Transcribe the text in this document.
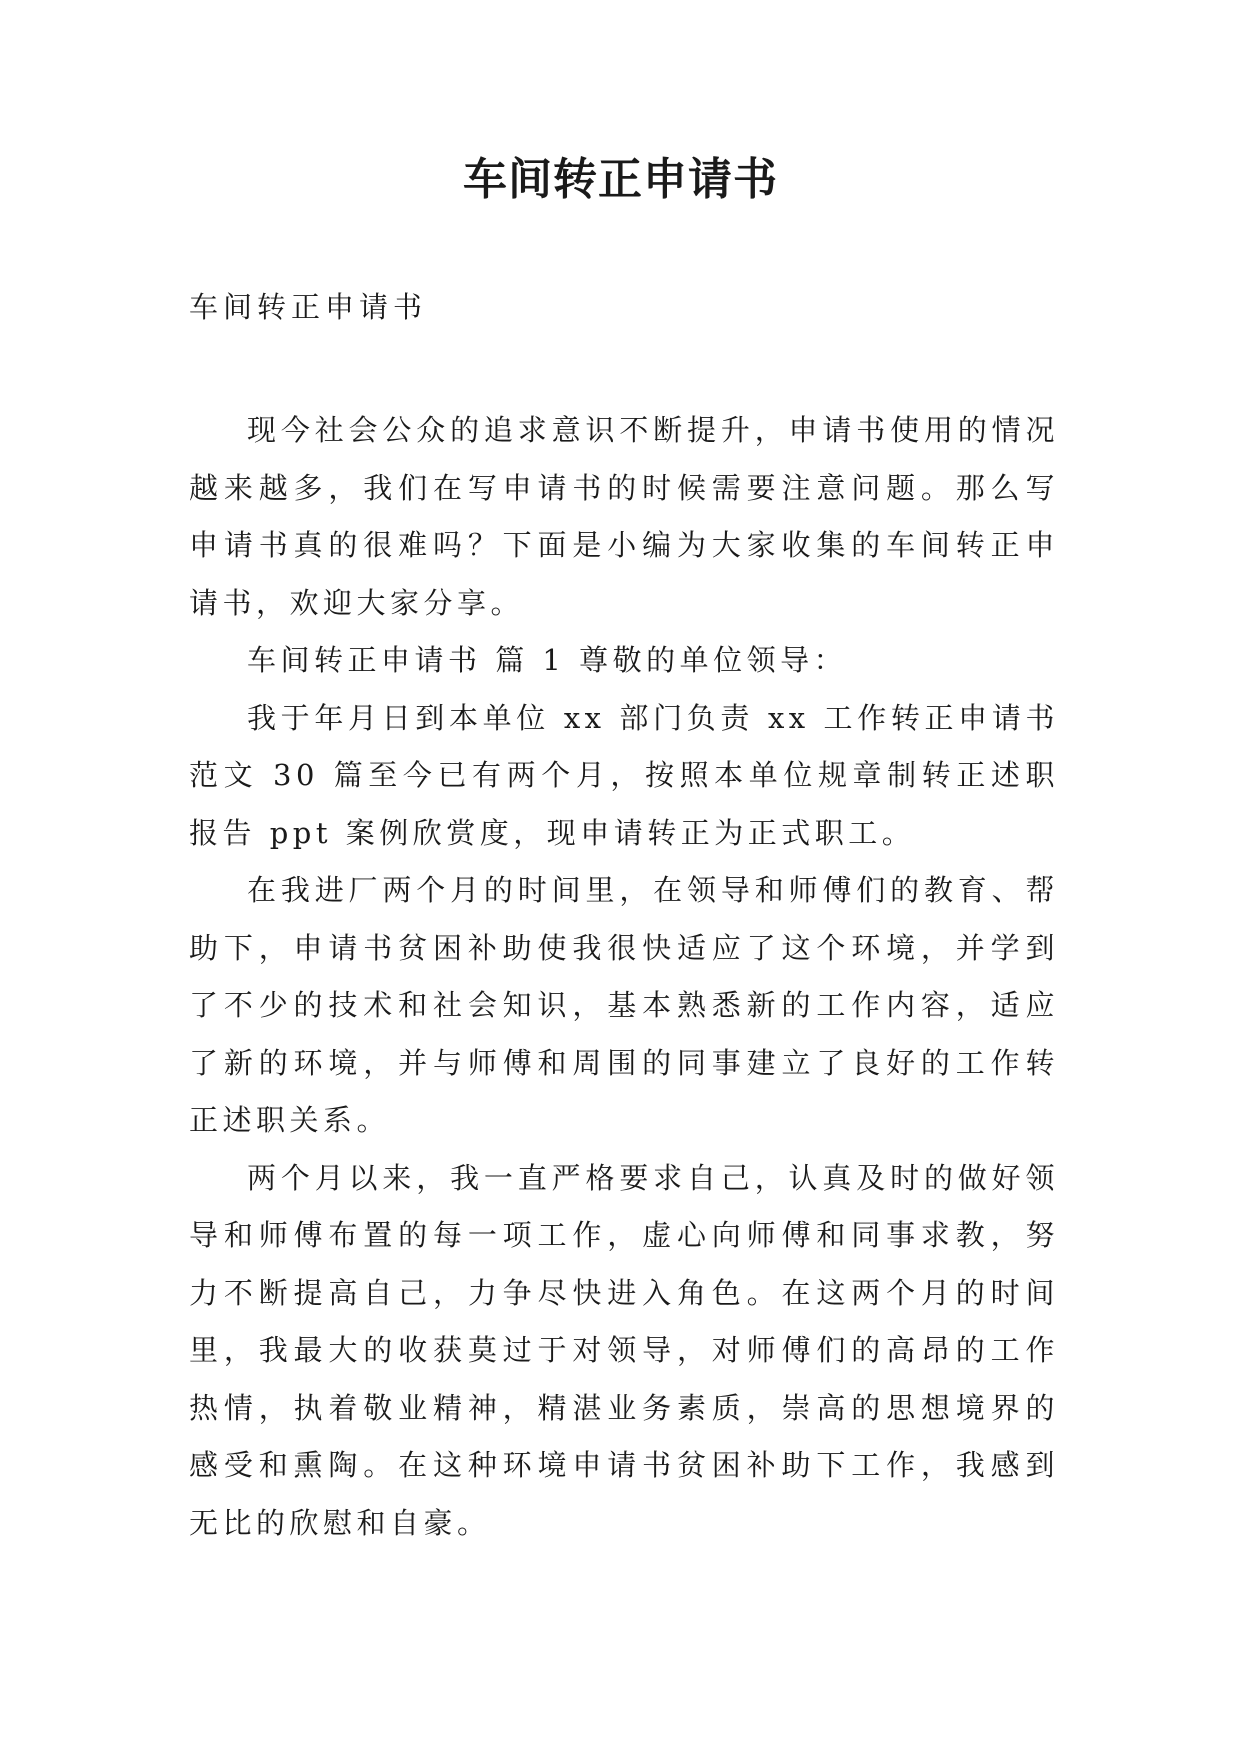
车间转正申请书
车间转正申请书

现今社会公众的追求意识不断提升，申请书使用的情况越来越多，我们在写申请书的时候需要注意问题。那么写申请书真的很难吗？下面是小编为大家收集的车间转正申请书，欢迎大家分享。

车间转正申请书 篇 1 尊敬的单位领导：

我于年月日到本单位 xx 部门负责 xx 工作转正申请书范文 30 篇至今已有两个月，按照本单位规章制转正述职报告 ppt 案例欣赏度，现申请转正为正式职工。

在我进厂两个月的时间里，在领导和师傅们的教育、帮助下，申请书贫困补助使我很快适应了这个环境，并学到了不少的技术和社会知识，基本熟悉新的工作内容，适应了新的环境，并与师傅和周围的同事建立了良好的工作转正述职关系。

两个月以来，我一直严格要求自己，认真及时的做好领导和师傅布置的每一项工作，虚心向师傅和同事求教，努力不断提高自己，力争尽快进入角色。在这两个月的时间里，我最大的收获莫过于对领导，对师傅们的高昂的工作热情，执着敬业精神，精湛业务素质，崇高的思想境界的感受和熏陶。在这种环境申请书贫困补助下工作，我感到无比的欣慰和自豪。
